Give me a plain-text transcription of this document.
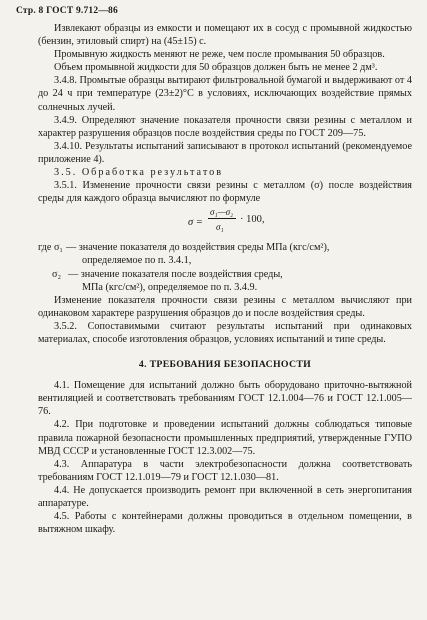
Стр. 8 ГОСТ 9.712—86

Извлекают образцы из емкости и помещают их в сосуд с промывной жидкостью (бензин, этиловый спирт) на (45±15) с.

Промывную жидкость меняют не реже, чем после промывания 50 образцов.

Объем промывной жидкости для 50 образцов должен быть не менее 2 дм³.

3.4.8. Промытые образцы вытирают фильтровальной бумагой и выдерживают от 4 до 24 ч при температуре (23±2)°С в условиях, исключающих воздействие прямых солнечных лучей.

3.4.9. Определяют значение показателя прочности связи резины с металлом и характер разрушения образцов после воздействия среды по ГОСТ 209—75.

3.4.10. Результаты испытаний записывают в протокол испытаний (рекомендуемое приложение 4).

3.5. Обработка результатов

3.5.1. Изменение прочности связи резины с металлом (σ) после воздействия среды для каждого образца вычисляют по формуле

σ =
σ₁—σ₂
σ₁
· 100,
где σ₁ — значение показателя до воздействия среды МПа (кгс/см²),
определяемое по п. 3.4.1,
σ₂ — значение показателя после воздействия среды,
МПа (кгс/см²), определяемое по п. 3.4.9.

Изменение показателя прочности связи резины с металлом вычисляют при одинаковом характере разрушения образцов до и после воздействия среды.

3.5.2. Сопоставимыми считают результаты испытаний при одинаковых материалах, способе изготовления образцов, условиях испытаний и типе среды.

4. ТРЕБОВАНИЯ БЕЗОПАСНОСТИ

4.1. Помещение для испытаний должно быть оборудовано приточно-вытяжной вентиляцией и соответствовать требованиям ГОСТ 12.1.004—76 и ГОСТ 12.1.005—76.

4.2. При подготовке и проведении испытаний должны соблюдаться типовые правила пожарной безопасности промышленных предприятий, утвержденные ГУПО МВД СССР и установленные ГОСТ 12.3.002—75.

4.3. Аппаратура в части электробезопасности должна соответствовать требованиям ГОСТ 12.1.019—79 и ГОСТ 12.1.030—81.

4.4. Не допускается производить ремонт при включенной в сеть энергопитания аппаратуре.

4.5. Работы с контейнерами должны проводиться в отдельном помещении, в вытяжном шкафу.
